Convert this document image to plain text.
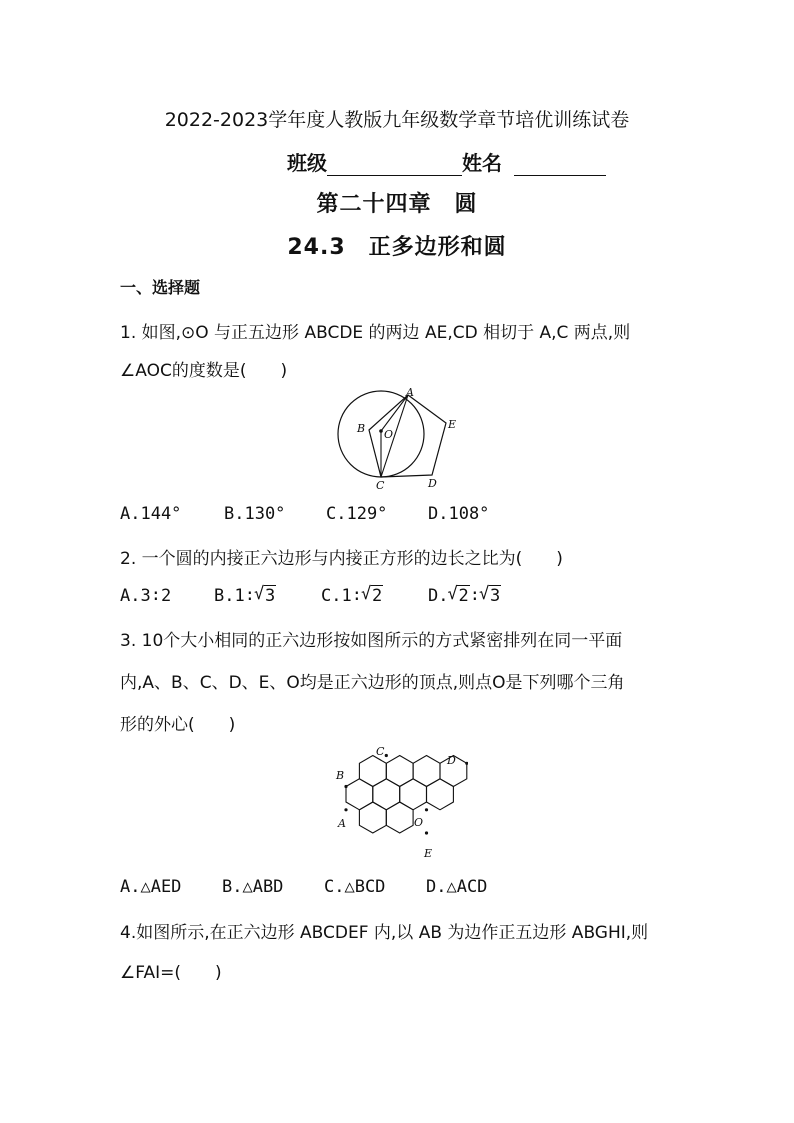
2022-2023学年度人教版九年级数学章节培优训练试卷
班级	姓名
第二十四章　圆
24.3　正多边形和圆
一、选择题
1. 如图,⊙O 与正五边形 ABCDE 的两边 AE,CD 相切于 A,C 两点,则
∠AOC的度数是(　　)
A
B O
E
C	D
A.144°	B.130° C.129° D.108°
2. 一个圆的内接正六边形与内接正方形的边长之比为(　　)
A.3∶2	B.1∶ √ 3	C.1∶ √ 2	D. √ 2∶ √ 3
3. 10个大小相同的正六边形按如图所示的方式紧密排列在同一平面
内,A、B、C、D、E、O均是正六边形的顶点,则点O是下列哪个三角
形的外心(　　)
C
D
B
A	O
E
A.△AED B.△ABD C.△BCD D.△ACD
4.如图所示,在正六边形 ABCDEF 内,以 AB 为边作正五边形 ABGHI,则
∠FAI=(　　)
